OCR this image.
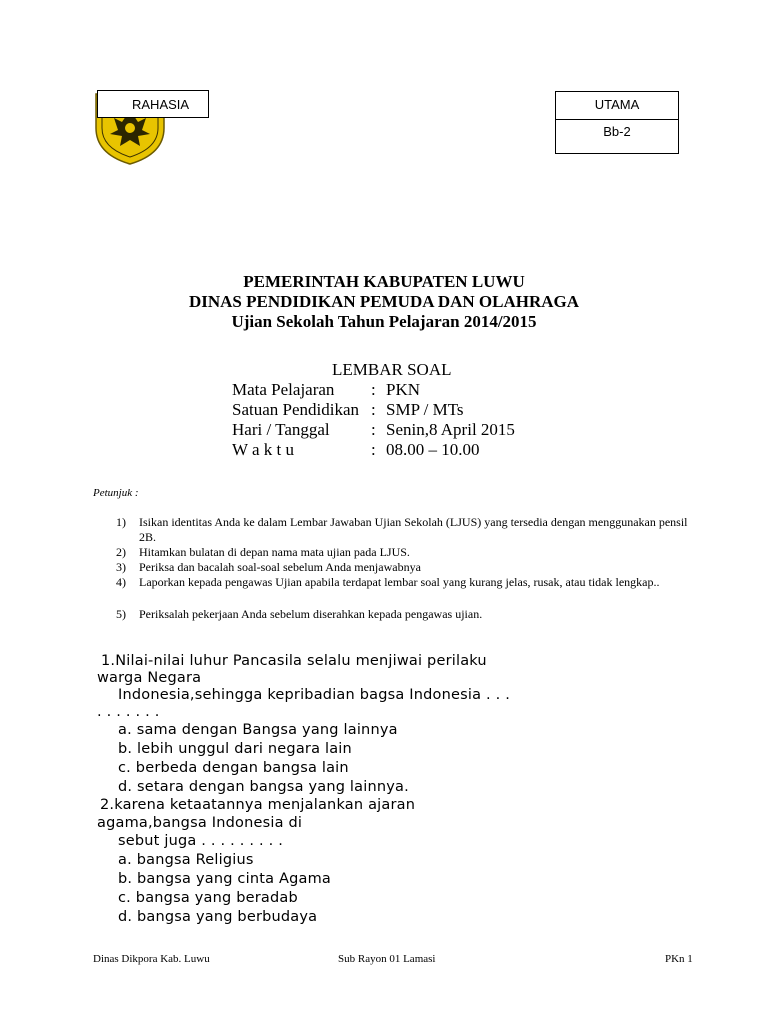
RAHASIA	UTAMA
Bb-2
PEMERINTAH KABUPATEN LUWU
DINAS PENDIDIKAN PEMUDA DAN OLAHRAGA
Ujian Sekolah Tahun Pelajaran 2014/2015
LEMBAR SOAL
Mata Pelajaran : PKN
Satuan Pendidikan : SMP / MTs
Hari / Tanggal : Senin,8 April 2015
W a k t u	: 08.00 – 10.00
Petunjuk :
1) Isikan identitas Anda ke dalam Lembar Jawaban Ujian Sekolah (LJUS) yang tersedia dengan menggunakan pensil 2B.
2) Hitamkan bulatan di depan nama mata ujian pada LJUS.
3) Periksa dan bacalah soal-soal sebelum Anda menjawabnya
4) Laporkan kepada pengawas Ujian apabila terdapat lembar soal yang kurang jelas, rusak, atau tidak lengkap..
5) Periksalah pekerjaan Anda sebelum diserahkan kepada pengawas ujian.
1.Nilai-nilai luhur Pancasila selalu menjiwai perilaku
warga Negara
Indonesia,sehingga kepribadian bagsa Indonesia . . .
. . . . . . .
a. sama dengan Bangsa yang lainnya
b. lebih unggul dari negara lain
c. berbeda dengan bangsa lain
d. setara dengan bangsa yang lainnya.
2.karena ketaatannya menjalankan ajaran
agama,bangsa Indonesia di
sebut juga . . . . . . . . .
a. bangsa Religius
b. bangsa yang cinta Agama
c. bangsa yang beradab
d. bangsa yang berbudaya
Dinas Dikpora Kab. Luwu	Sub Rayon 01 Lamasi	PKn 1
